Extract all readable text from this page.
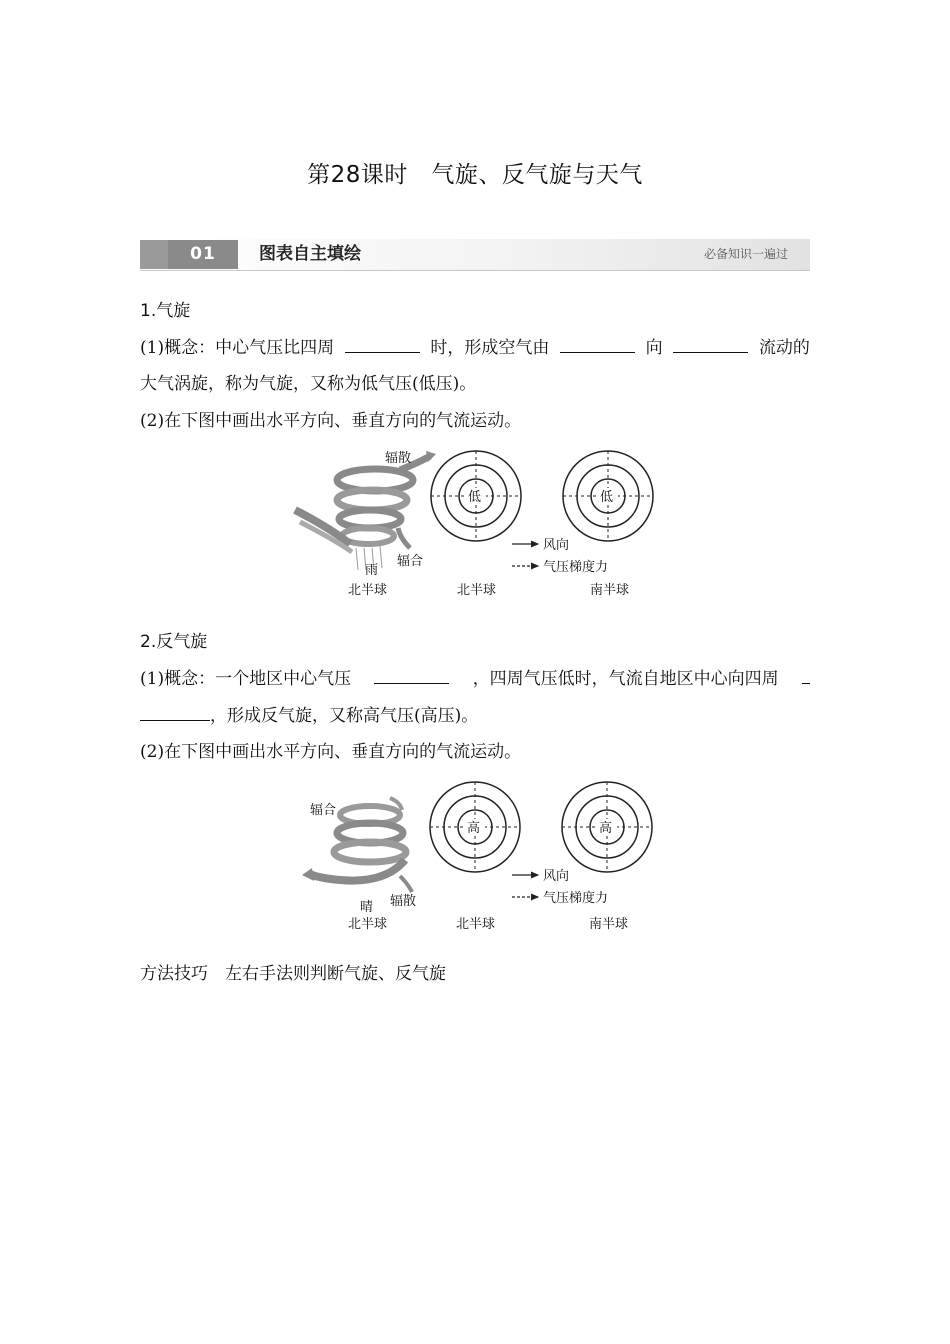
第28课时　气旋、反气旋与天气
01	图表自主填绘	必备知识一遍过
1.气旋
(1)概念：中心气压比四周	时，形成空气由	向	流动的
大气涡旋，称为气旋，又称为低气压(低压)。
(2)在下图中画出水平方向、垂直方向的气流运动。
辐散
辐合
雨
低	低
风向
气压梯度力
北半球	北半球	南半球
2.反气旋
(1)概念：一个地区中心气压	，四周气压低时，气流自地区中心向四周
，形成反气旋，又称高气压(高压)。
(2)在下图中画出水平方向、垂直方向的气流运动。
辐合
辐散
晴
高	高
风向
气压梯度力
北半球	北半球	南半球
方法技巧　左右手法则判断气旋、反气旋
